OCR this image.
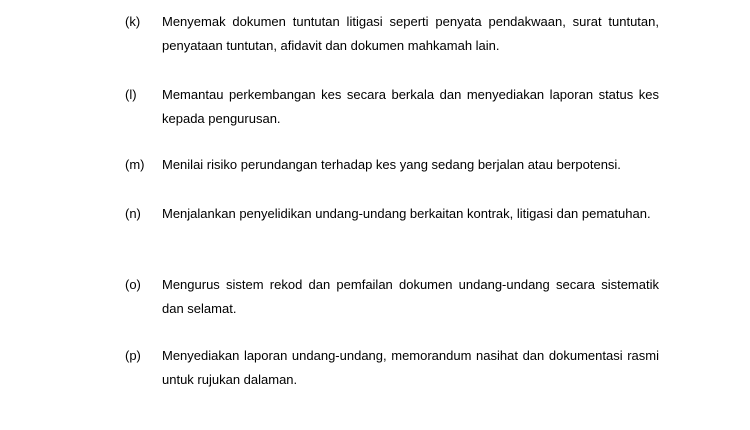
(k) Menyemak dokumen tuntutan litigasi seperti penyata pendakwaan, surat tuntutan, penyataan tuntutan, afidavit dan dokumen mahkamah lain.
(l) Memantau perkembangan kes secara berkala dan menyediakan laporan status kes kepada pengurusan.
(m) Menilai risiko perundangan terhadap kes yang sedang berjalan atau berpotensi.
(n) Menjalankan penyelidikan undang-undang berkaitan kontrak, litigasi dan pematuhan.
(o) Mengurus sistem rekod dan pemfailan dokumen undang-undang secara sistematik dan selamat.
(p) Menyediakan laporan undang-undang, memorandum nasihat dan dokumentasi rasmi untuk rujukan dalaman.
